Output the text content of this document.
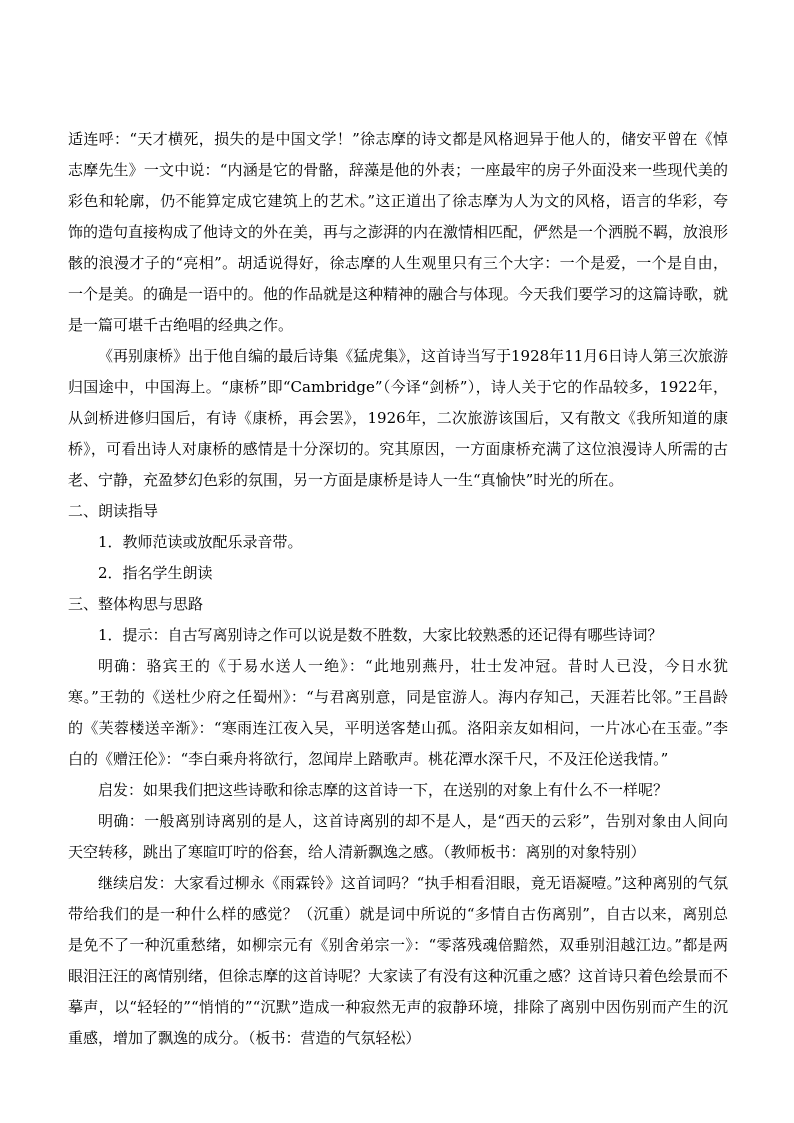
适连呼：“天才横死，损失的是中国文学！”徐志摩的诗文都是风格迥异于他人的，储安平曾在《悼志摩先生》一文中说：“内涵是它的骨骼，辞藻是他的外表；一座最牢的房子外面没来一些现代美的彩色和轮廓，仍不能算定成它建筑上的艺术。”这正道出了徐志摩为人为文的风格，语言的华彩，夸饰的造句直接构成了他诗文的外在美，再与之澎湃的内在激情相匹配，俨然是一个洒脱不羁，放浪形骸的浪漫才子的“亮相”。胡适说得好，徐志摩的人生观里只有三个大字：一个是爱，一个是自由，一个是美。的确是一语中的。他的作品就是这种精神的融合与体现。今天我们要学习的这篇诗歌，就是一篇可堪千古绝唱的经典之作。

《再别康桥》出于他自编的最后诗集《猛虎集》，这首诗当写于1928年11月6日诗人第三次旅游归国途中，中国海上。“康桥”即“Cambridge”（今译“剑桥”），诗人关于它的作品较多，1922年，从剑桥进修归国后，有诗《康桥，再会罢》，1926年，二次旅游该国后，又有散文《我所知道的康桥》，可看出诗人对康桥的感情是十分深切的。究其原因，一方面康桥充满了这位浪漫诗人所需的古老、宁静，充盈梦幻色彩的氛围，另一方面是康桥是诗人一生“真愉快”时光的所在。

二、朗读指导

1．教师范读或放配乐录音带。

2．指名学生朗读

三、整体构思与思路

1．提示：自古写离别诗之作可以说是数不胜数，大家比较熟悉的还记得有哪些诗词？

明确：骆宾王的《于易水送人一绝》：“此地别燕丹，壮士发冲冠。昔时人已没，今日水犹寒。”王勃的《送杜少府之任蜀州》：“与君离别意，同是宦游人。海内存知己，天涯若比邻。”王昌龄的《芙蓉楼送辛渐》：“寒雨连江夜入吴，平明送客楚山孤。洛阳亲友如相问，一片冰心在玉壶。”李白的《赠汪伦》：“李白乘舟将欲行，忽闻岸上踏歌声。桃花潭水深千尺，不及汪伦送我情。”

启发：如果我们把这些诗歌和徐志摩的这首诗一下，在送别的对象上有什么不一样呢？

明确：一般离别诗离别的是人，这首诗离别的却不是人，是“西天的云彩”，告别对象由人间向天空转移，跳出了寒暄叮咛的俗套，给人清新飘逸之感。（教师板书：离别的对象特别）

继续启发：大家看过柳永《雨霖铃》这首词吗？“执手相看泪眼，竟无语凝噎。”这种离别的气氛带给我们的是一种什么样的感觉？（沉重）就是词中所说的“多情自古伤离别”，自古以来，离别总是免不了一种沉重愁绪，如柳宗元有《别舍弟宗一》：“零落残魂倍黯然，双垂别泪越江边。”都是两眼泪汪汪的离情别绪，但徐志摩的这首诗呢？大家读了有没有这种沉重之感？这首诗只着色绘景而不摹声，以“轻轻的”“悄悄的”“沉默”造成一种寂然无声的寂静环境，排除了离别中因伤别而产生的沉重感，增加了飘逸的成分。（板书：营造的气氛轻松）
